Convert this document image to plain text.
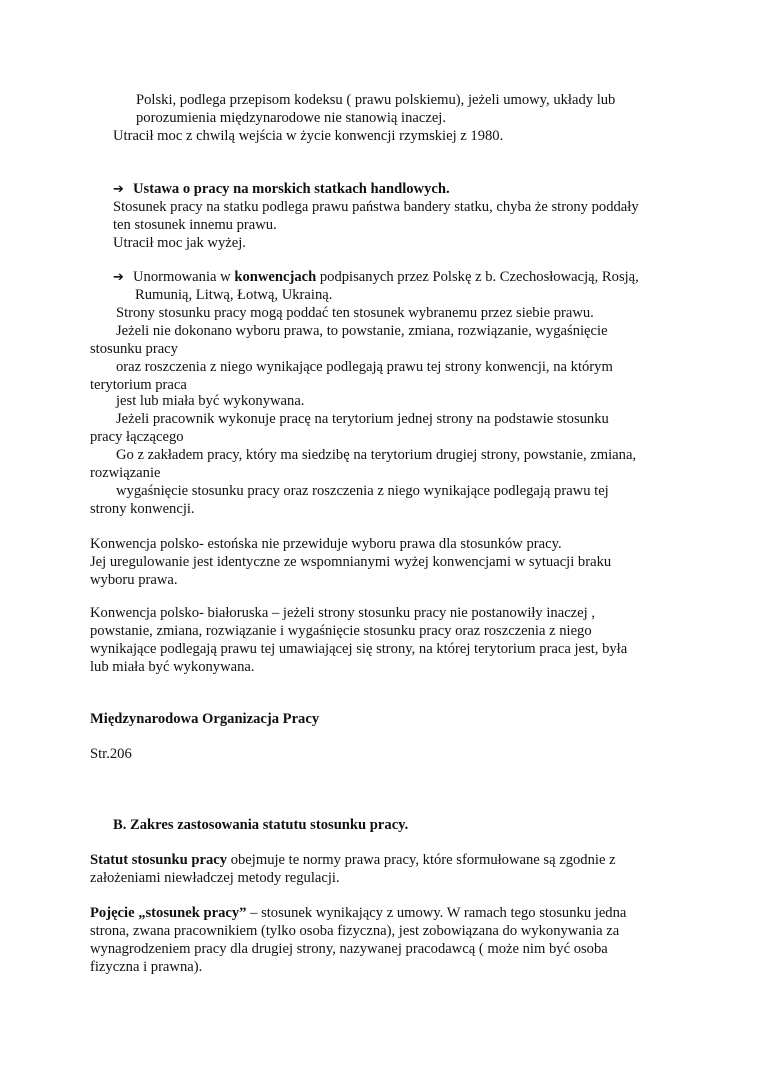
Polski, podlega przepisom kodeksu ( prawu polskiemu), jeżeli umowy, układy lub
porozumienia międzynarodowe nie stanowią inaczej.
Utracił moc z chwilą wejścia w życie konwencji rzymskiej z 1980.
➔ Ustawa o pracy na morskich statkach handlowych.
Stosunek pracy na statku podlega prawu państwa bandery statku, chyba że strony poddały
ten stosunek innemu prawu.
Utracił moc jak wyżej.
➔ Unormowania w konwencjach podpisanych przez Polskę z b. Czechosłowacją, Rosją,
Rumunią, Litwą, Łotwą, Ukrainą.
Strony stosunku pracy mogą poddać ten stosunek wybranemu przez siebie prawu.
Jeżeli nie dokonano wyboru prawa, to powstanie, zmiana, rozwiązanie, wygaśnięcie
stosunku pracy
oraz roszczenia z niego wynikające podlegają prawu tej strony konwencji, na którym
terytorium praca
jest lub miała być wykonywana.
Jeżeli pracownik wykonuje pracę na terytorium jednej strony na podstawie stosunku
pracy łączącego
Go z zakładem pracy, który ma siedzibę na terytorium drugiej strony, powstanie, zmiana,
rozwiązanie
wygaśnięcie stosunku pracy oraz roszczenia z niego wynikające podlegają prawu tej
strony konwencji.
Konwencja polsko- estońska nie przewiduje wyboru prawa dla stosunków pracy.
Jej uregulowanie jest identyczne ze wspomnianymi wyżej konwencjami w sytuacji braku
wyboru prawa.
Konwencja polsko- białoruska – jeżeli strony stosunku pracy nie postanowiły inaczej ,
powstanie, zmiana, rozwiązanie i wygaśnięcie stosunku pracy oraz roszczenia z niego
wynikające podlegają prawu tej umawiającej się strony, na której terytorium praca jest, była
lub miała być wykonywana.
Międzynarodowa Organizacja Pracy
Str.206
B. Zakres zastosowania statutu stosunku pracy.
Statut stosunku pracy obejmuje te normy prawa pracy, które sformułowane są zgodnie z
założeniami niewładczej metody regulacji.
Pojęcie „stosunek pracy” – stosunek wynikający z umowy. W ramach tego stosunku jedna
strona, zwana pracownikiem (tylko osoba fizyczna), jest zobowiązana do wykonywania za
wynagrodzeniem pracy dla drugiej strony, nazywanej pracodawcą ( może nim być osoba
fizyczna i prawna).
